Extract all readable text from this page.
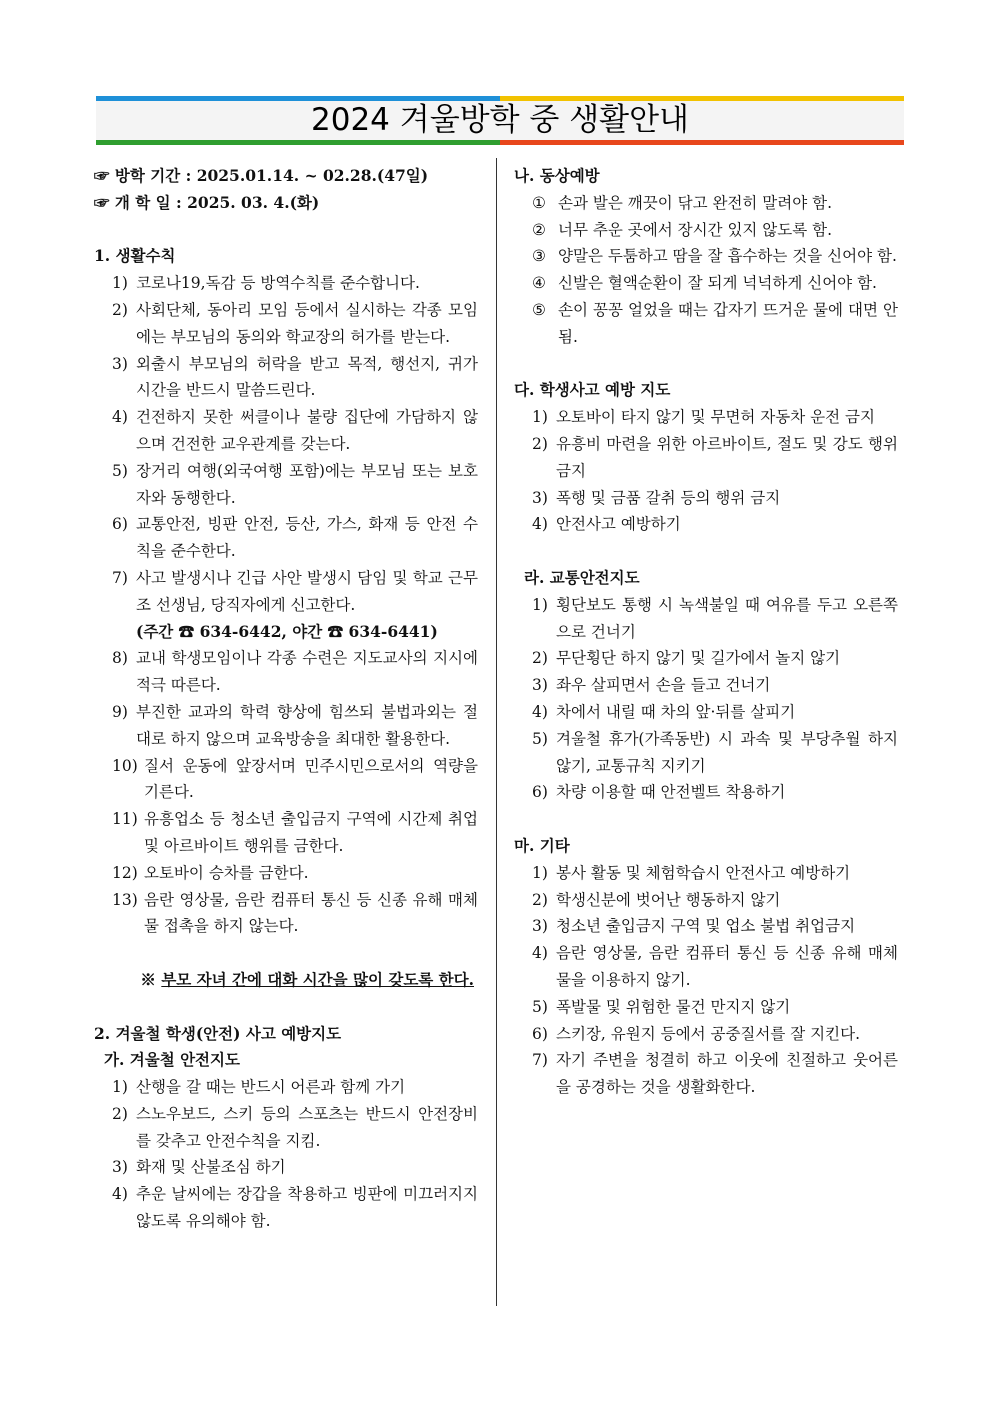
2024 겨울방학 중 생활안내
☞ 방학 기간 : 2025.01.14. ~ 02.28.(47일)
☞ 개 학 일 : 2025. 03. 4.(화)
1. 생활수칙
1) 코로나19,독감 등 방역수칙를 준수합니다.
2) 사회단체, 동아리 모임 등에서 실시하는 각종 모임에는 부모님의 동의와 학교장의 허가를 받는다.
3) 외출시 부모님의 허락을 받고 목적, 행선지, 귀가 시간을 반드시 말씀드린다.
4) 건전하지 못한 써클이나 불량 집단에 가담하지 않으며 건전한 교우관계를 갖는다.
5) 장거리 여행(외국여행 포함)에는 부모님 또는 보호자와 동행한다.
6) 교통안전, 빙판 안전, 등산, 가스, 화재 등 안전 수칙을 준수한다.
7) 사고 발생시나 긴급 사안 발생시 담임 및 학교 근무조 선생님, 당직자에게 신고한다.
(주간 ☎ 634-6442, 야간 ☎ 634-6441)
8) 교내 학생모임이나 각종 수련은 지도교사의 지시에 적극 따른다.
9) 부진한 교과의 학력 향상에 힘쓰되 불법과외는 절대로 하지 않으며 교육방송을 최대한 활용한다.
10) 질서 운동에 앞장서며 민주시민으로서의 역량을 기른다.
11) 유흥업소 등 청소년 출입금지 구역에 시간제 취업 및 아르바이트 행위를 금한다.
12) 오토바이 승차를 금한다.
13) 음란 영상물, 음란 컴퓨터 통신 등 신종 유해 매체물 접촉을 하지 않는다.
※ 부모 자녀 간에 대화 시간을 많이 갖도록 한다.
2. 겨울철 학생(안전) 사고 예방지도
가. 겨울철 안전지도
1) 산행을 갈 때는 반드시 어른과 함께 가기
2) 스노우보드, 스키 등의 스포츠는 반드시 안전장비를 갖추고 안전수칙을 지킴.
3) 화재 및 산불조심 하기
4) 추운 날씨에는 장갑을 착용하고 빙판에 미끄러지지 않도록 유의해야 함.
나. 동상예방
① 손과 발은 깨끗이 닦고 완전히 말려야 함.
② 너무 추운 곳에서 장시간 있지 않도록 함.
③ 양말은 두툼하고 땀을 잘 흡수하는 것을 신어야 함.
④ 신발은 혈액순환이 잘 되게 넉넉하게 신어야 함.
⑤ 손이 꽁꽁 얼었을 때는 갑자기 뜨거운 물에 대면 안됨.
다. 학생사고 예방 지도
1) 오토바이 타지 않기 및 무면허 자동차 운전 금지
2) 유흥비 마련을 위한 아르바이트, 절도 및 강도 행위 금지
3) 폭행 및 금품 갈취 등의 행위 금지
4) 안전사고 예방하기
라. 교통안전지도
1) 횡단보도 통행 시 녹색불일 때 여유를 두고 오른쪽으로 건너기
2) 무단횡단 하지 않기 및 길가에서 놀지 않기
3) 좌우 살피면서 손을 들고 건너기
4) 차에서 내릴 때 차의 앞·뒤를 살피기
5) 겨울철 휴가(가족동반) 시 과속 및 부당추월 하지 않기, 교통규칙 지키기
6) 차량 이용할 때 안전벨트 착용하기
마. 기타
1) 봉사 활동 및 체험학습시 안전사고 예방하기
2) 학생신분에 벗어난 행동하지 않기
3) 청소년 출입금지 구역 및 업소 불법 취업금지
4) 음란 영상물, 음란 컴퓨터 통신 등 신종 유해 매체물을 이용하지 않기.
5) 폭발물 및 위험한 물건 만지지 않기
6) 스키장, 유원지 등에서 공중질서를 잘 지킨다.
7) 자기 주변을 청결히 하고 이웃에 친절하고 웃어른을 공경하는 것을 생활화한다.
